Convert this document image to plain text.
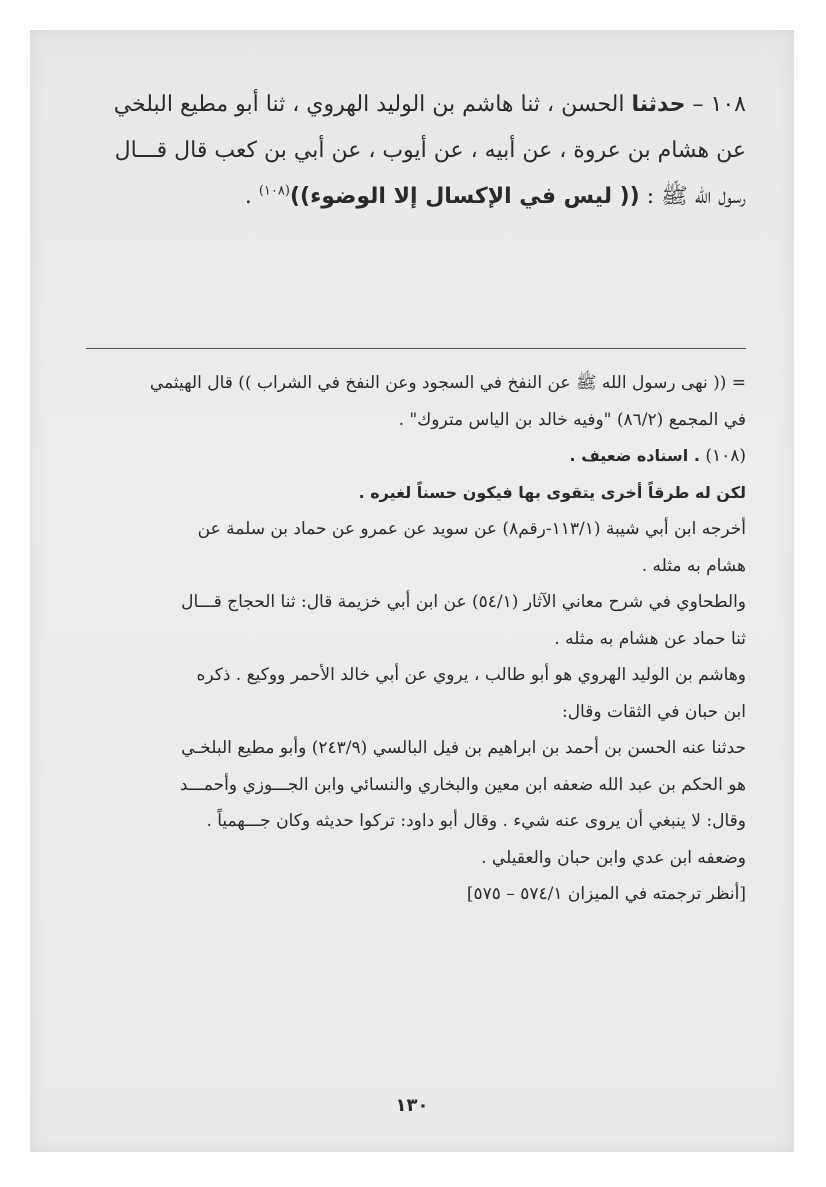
١٠٨ – حدثنا الحسن ، ثنا هاشم بن الوليد الهروي ، ثنا أبو مطيع البلخي

عن هشام بن عروة ، عن أبيه ، عن أيوب ، عن أبي بن كعب قال قـــال

رسول الله ﷺ : (( ليس في الإكسال إلا الوضوء))$^{(١٠٨)}$ .

= (( نهى رسول الله ﷺ عن النفخ في السجود وعن النفخ في الشراب )) قال الهيثمي

في المجمع (٨٦/٢) "وفيه خالد بن الياس متروك" .

(١٠٨) . اسناده ضعيف .

لكن له طرقاً أخرى يتقوى بها فيكون حسناً لغيره .

أخرجه ابن أبي شيبة (١١٣/١-رقم٨) عن سويد عن عمرو عن حماد بن سلمة عن

هشام به مثله .

والطحاوي في شرح معاني الآثار (٥٤/١) عن ابن أبي خزيمة قال: ثنا الحجاج قـــال

ثنا حماد عن هشام به مثله .

وهاشم بن الوليد الهروي هو أبو طالب ، يروي عن أبي خالد الأحمر ووكيع . ذكره

ابن حبان في الثقات وقال:

حدثنا عنه الحسن بن أحمد بن ابراهيم بن فيل البالسي (٢٤٣/٩) وأبو مطيع البلخـي

هو الحكم بن عبد الله ضعفه ابن معين والبخاري والنسائي وابن الجـــوزي وأحمـــد

وقال: لا ينبغي أن يروى عنه شيء . وقال أبو داود: تركوا حديثه وكان جـــهمياً .

وضعفه ابن عدي وابن حبان والعقيلي .

[أنظر ترجمته في الميزان ٥٧٤/١ – ٥٧٥]

١٣٠
